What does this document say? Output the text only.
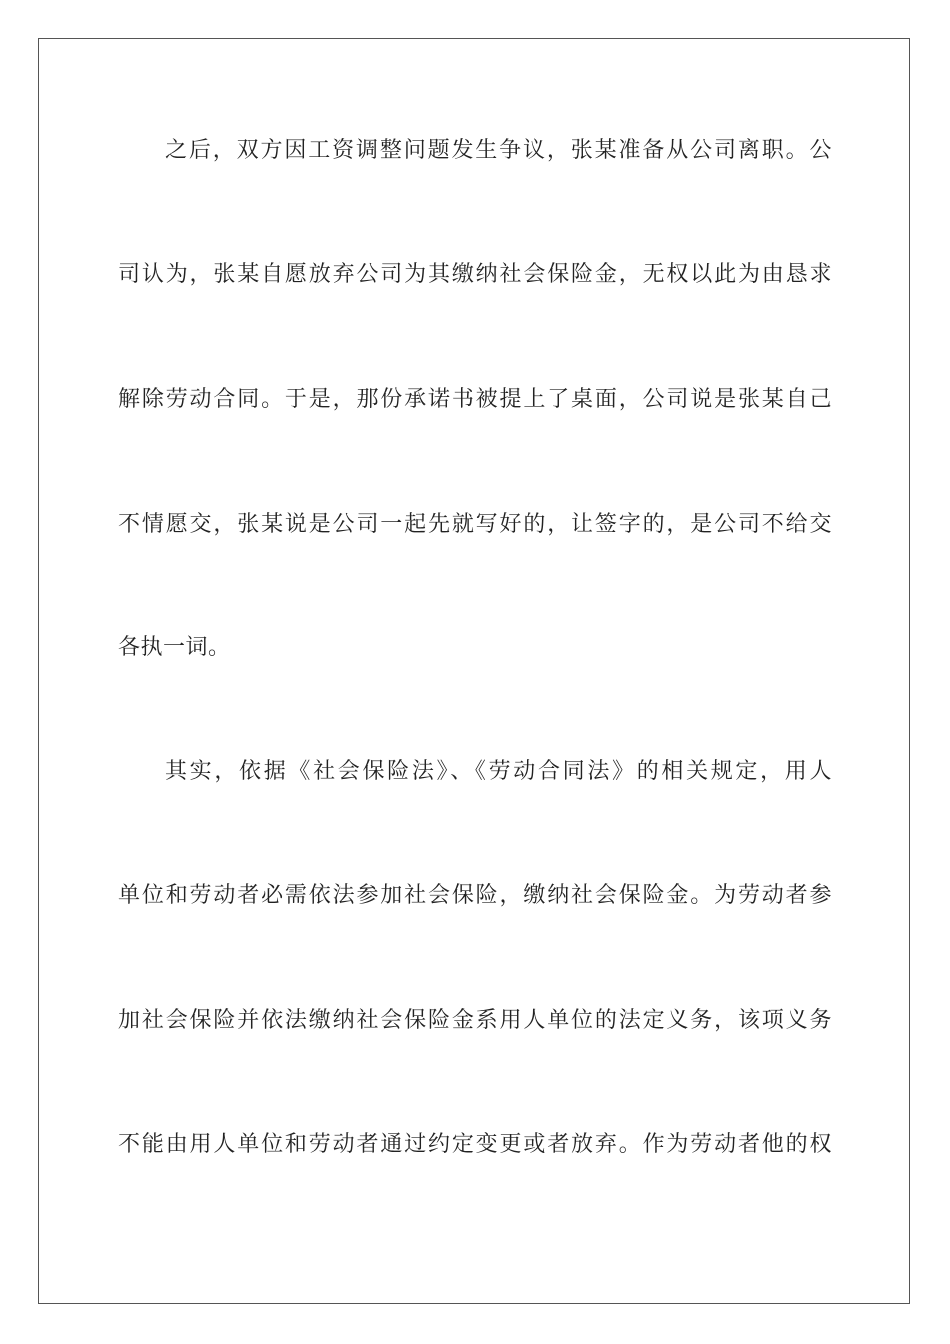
之后，双方因工资调整问题发生争议，张某准备从公司离职。公
司认为，张某自愿放弃公司为其缴纳社会保险金，无权以此为由恳求
解除劳动合同。于是，那份承诺书被提上了桌面，公司说是张某自己
不情愿交，张某说是公司一起先就写好的，让签字的，是公司不给交
各执一词。
其实，依据《社会保险法》、《劳动合同法》的相关规定，用人
单位和劳动者必需依法参加社会保险，缴纳社会保险金。为劳动者参
加社会保险并依法缴纳社会保险金系用人单位的法定义务，该项义务
不能由用人单位和劳动者通过约定变更或者放弃。作为劳动者他的权
